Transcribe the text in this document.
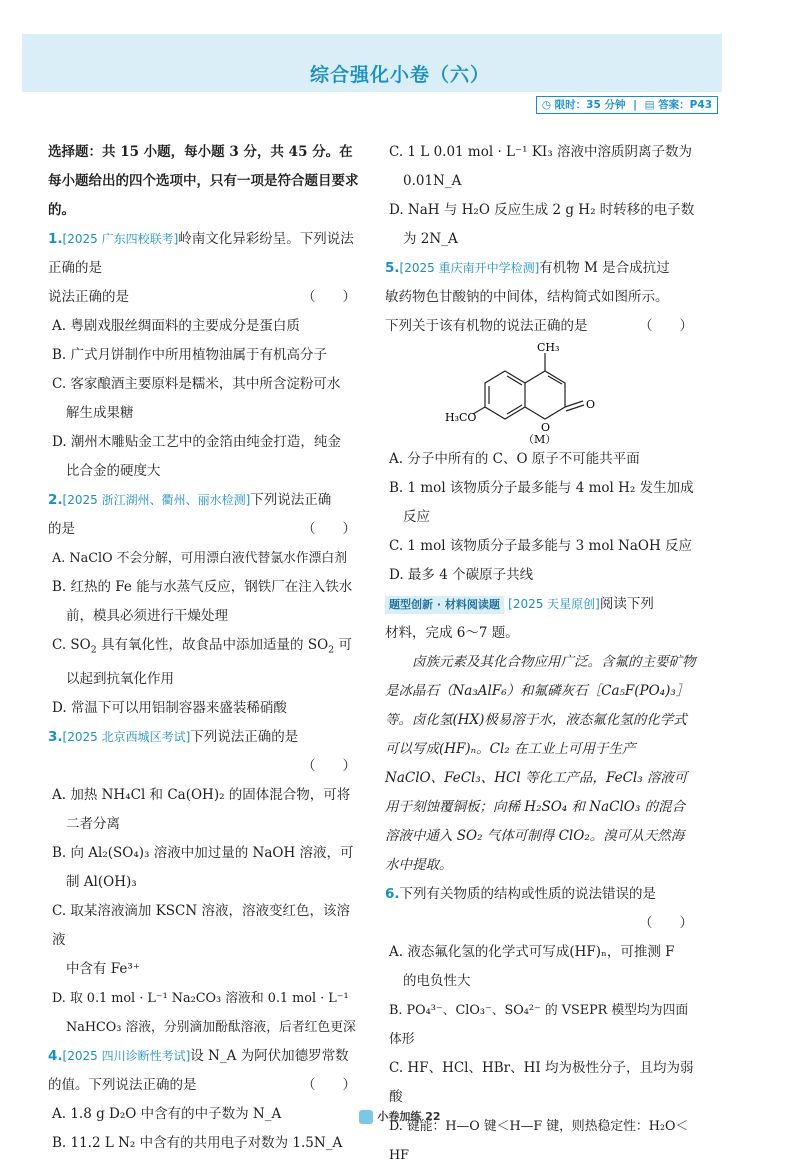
综合强化小卷（六）
◷ 限时：35 分钟 | ▤ 答案：P43

选择题：共 15 小题，每小题 3 分，共 45 分。在每小题给出的四个选项中，只有一项是符合题目要求的。

1.[2025 广东四校联考]岭南文化异彩纷呈。下列说法正确的是

说法正确的是	（　　）

A. 粤剧戏服丝绸面料的主要成分是蛋白质

B. 广式月饼制作中所用植物油属于有机高分子

C. 客家酿酒主要原料是糯米，其中所含淀粉可水

解生成果糖

D. 潮州木雕贴金工艺中的金箔由纯金打造，纯金

比合金的硬度大

2.[2025 浙江湖州、衢州、丽水检测]下列说法正确

的是	（　　）

A. NaClO 不会分解，可用漂白液代替氯水作漂白剂

B. 红热的 Fe 能与水蒸气反应，钢铁厂在注入铁水

前，模具必须进行干燥处理

C. $SO_2$ 具有氧化性，故食品中添加适量的 $SO_2$ 可

以起到抗氧化作用

D. 常温下可以用铝制容器来盛装稀硝酸

3.[2025 北京西城区考试]下列说法正确的是

（　　）

A. 加热 NH₄Cl 和 Ca(OH)₂ 的固体混合物，可将

二者分离

B. 向 Al₂(SO₄)₃ 溶液中加过量的 NaOH 溶液，可

制 Al(OH)₃

C. 取某溶液滴加 KSCN 溶液，溶液变红色，该溶液

中含有 Fe³⁺

D. 取 0.1 mol · L⁻¹ Na₂CO₃ 溶液和 0.1 mol · L⁻¹

NaHCO₃ 溶液，分别滴加酚酞溶液，后者红色更深

4.[2025 四川诊断性考试]设 N_A 为阿伏加德罗常数

的值。下列说法正确的是	（　　）

A. 1.8 g D₂O 中含有的中子数为 N_A

B. 11.2 L N₂ 中含有的共用电子对数为 1.5N_A

C. 1 L 0.01 mol · L⁻¹ KI₃ 溶液中溶质阴离子数为

0.01N_A

D. NaH 与 H₂O 反应生成 2 g H₂ 时转移的电子数

为 2N_A

5.[2025 重庆南开中学检测]有机物 M 是合成抗过

敏药物色甘酸钠的中间体，结构简式如图所示。

下列关于该有机物的说法正确的是	（　　）

CH₃
H₃CO
O
O
（M）

A. 分子中所有的 C、O 原子不可能共平面

B. 1 mol 该物质分子最多能与 4 mol H₂ 发生加成

反应

C. 1 mol 该物质分子最多能与 3 mol NaOH 反应

D. 最多 4 个碳原子共线

题型创新 · 材料阅读题 [2025 天星原创]阅读下列

材料，完成 6～7 题。

卤族元素及其化合物应用广泛。含氟的主要矿物是冰晶石（Na₃AlF₆）和氟磷灰石［Ca₅F(PO₄)₃］等。卤化氢(HX)极易溶于水，液态氟化氢的化学式可以写成(HF)ₙ。Cl₂ 在工业上可用于生产 NaClO、FeCl₃、HCl 等化工产品，FeCl₃ 溶液可用于刻蚀覆铜板；向稀 H₂SO₄ 和 NaClO₃ 的混合溶液中通入 SO₂ 气体可制得 ClO₂。溴可从天然海水中提取。

6.下列有关物质的结构或性质的说法错误的是

（　　）

A. 液态氟化氢的化学式可写成(HF)ₙ，可推测 F

的电负性大

B. PO₄³⁻、ClO₃⁻、SO₄²⁻ 的 VSEPR 模型均为四面体形

C. HF、HCl、HBr、HI 均为极性分子，且均为弱酸

D. 键能：H—O 键＜H—F 键，则热稳定性：H₂O＜HF

小卷加练 22
